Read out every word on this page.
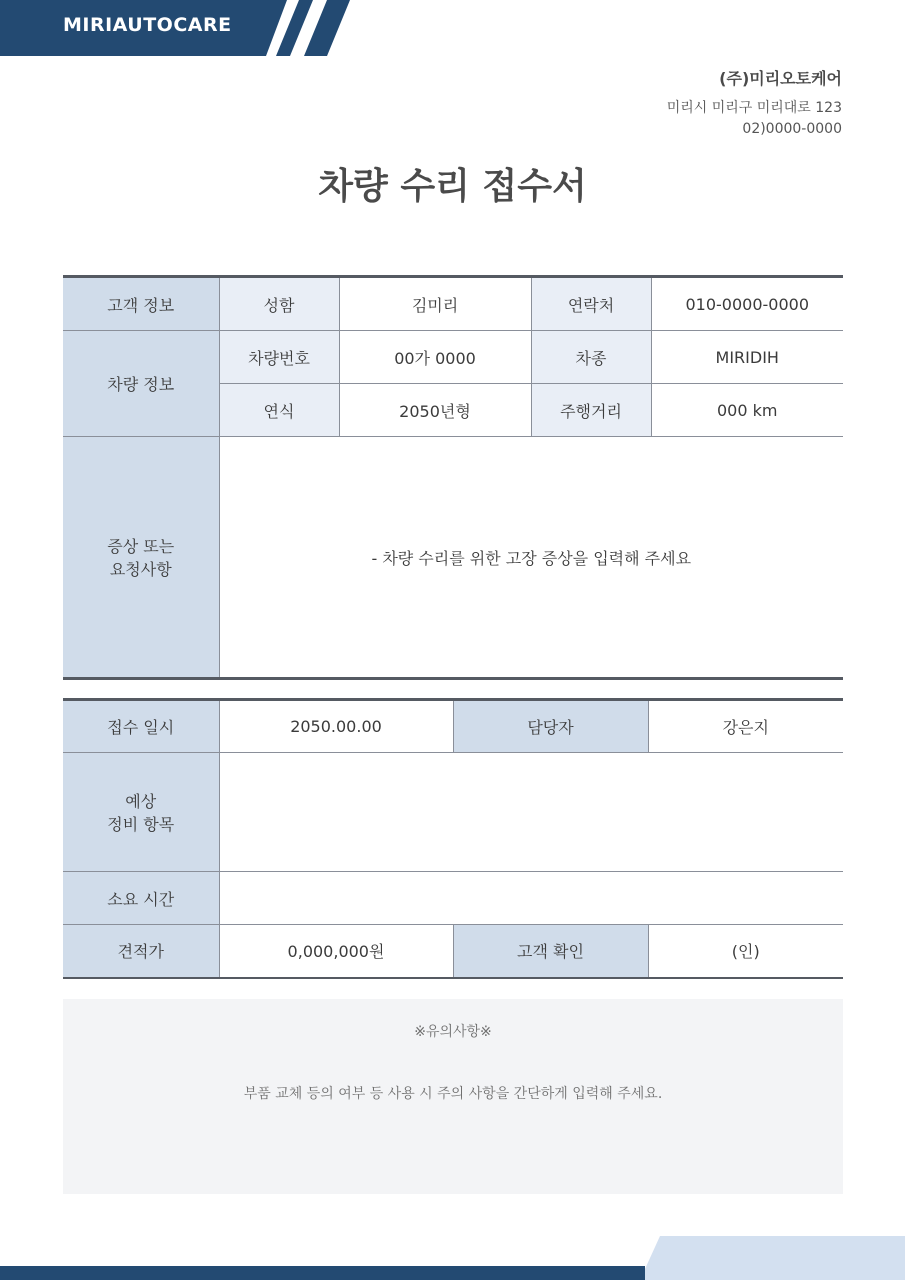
MIRIAUTOCARE
(주)미리오토케어
미리시 미리구 미리대로 123
02)0000-0000
차량 수리 접수서
고객 정보	성함	김미리	연락처	010-0000-0000
차량 정보	차량번호	00가 0000	차종	MIRIDIH
	연식	2050년형	주행거리	000 km

증상 또는
요청사항	- 차량 수리를 위한 고장 증상을 입력해 주세요			
접수 일시	2050.00.00	담당자	강은지

예상
정비 항목			

소요 시간			
견적가	0,000,000원	고객 확인	(인)
※유의사항※
부품 교체 등의 여부 등 사용 시 주의 사항을 간단하게 입력해 주세요.
